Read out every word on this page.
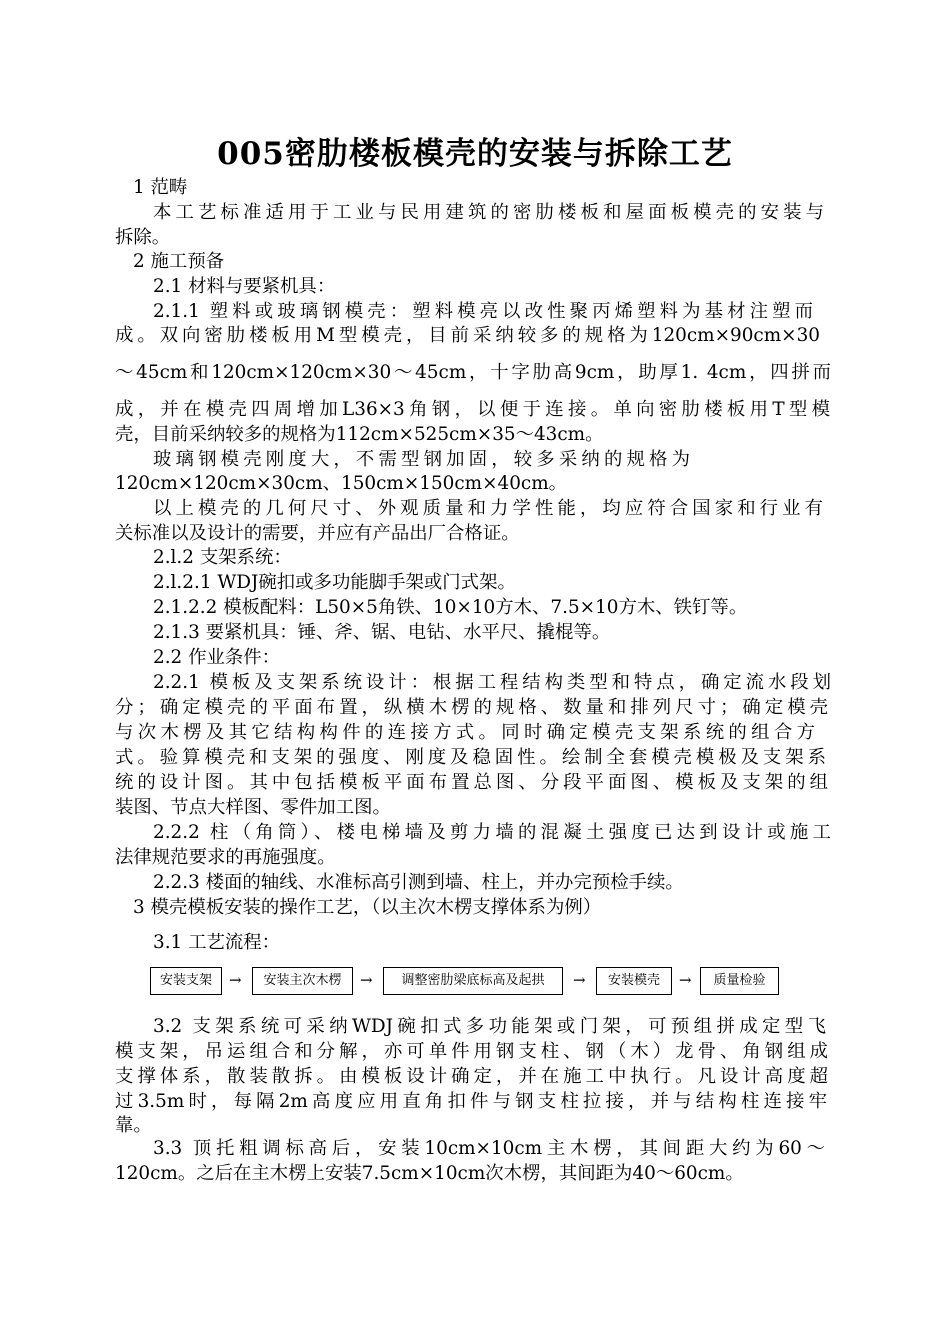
005密肋楼板模壳的安装与拆除工艺
1 范畴
本工艺标准适用于工业与民用建筑的密肋楼板和屋面板模壳的安装与
拆除。
2 施工预备
2.1 材料与要紧机具：
2.1.1 塑料或玻璃钢模壳：塑料模亮以改性聚丙烯塑料为基材注塑而
成。双向密肋楼板用M型模壳，目前采纳较多的规格为120cm×90cm×30
～45cm和120cm×120cm×30～45cm，十字肋高9cm，助厚1. 4cm，四拼而
成，并在模壳四周增加L36×3角钢，以便于连接。单向密肋楼板用T型模
壳，目前采纳较多的规格为112cm×525cm×35～43cm。
玻璃钢模壳刚度大，不需型钢加固，较多采纳的规格为
120cm×120cm×30cm、150cm×150cm×40cm。
以上模壳的几何尺寸、外观质量和力学性能，均应符合国家和行业有
关标准以及设计的需要，并应有产品出厂合格证。
2.l.2 支架系统：
2.l.2.1 WDJ碗扣或多功能脚手架或门式架。
2.1.2.2 模板配料：L50×5角铁、10×10方木、7.5×10方木、铁钉等。
2.1.3 要紧机具：锤、斧、锯、电钻、水平尺、撬棍等。
2.2 作业条件：
2.2.1 模板及支架系统设计：根据工程结构类型和特点，确定流水段划
分；确定模壳的平面布置，纵横木楞的规格、数量和排列尺寸；确定模壳
与次木楞及其它结构构件的连接方式。同时确定模壳支架系统的组合方
式。验算模壳和支架的强度、刚度及稳固性。绘制全套模壳模极及支架系
统的设计图。其中包括模板平面布置总图、分段平面图、模板及支架的组
装图、节点大样图、零件加工图。
2.2.2 柱（角筒）、楼电梯墙及剪力墙的混凝土强度已达到设计或施工
法律规范要求的再施强度。
2.2.3 楼面的轴线、水准标高引测到墙、柱上，并办完预检手续。
3 模壳模板安装的操作工艺，（以主次木楞支撑体系为例）
3.1 工艺流程：
安装支架	→	安装主次木楞	→	调整密肋梁底标高及起拱	→	安装模壳	→	质量检验
3.2 支架系统可采纳WDJ碗扣式多功能架或门架，可预组拼成定型飞
模支架，吊运组合和分解，亦可单件用钢支柱、钢（木）龙骨、角钢组成
支撑体系，散装散拆。由模板设计确定，并在施工中执行。凡设计高度超
过3.5m时，每隔2m高度应用直角扣件与钢支柱拉接，并与结构柱连接牢
靠。
3.3 顶托粗调标高后，安装10cm×10cm主木楞，其间距大约为60～
120cm。之后在主木楞上安装7.5cm×10cm次木楞，其间距为40～60cm。
